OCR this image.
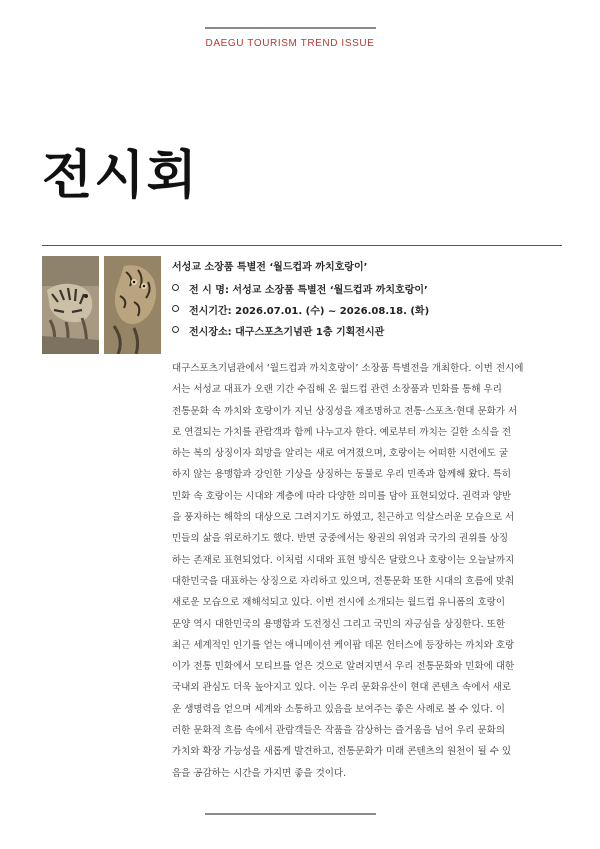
DAEGU TOURISM TREND ISSUE
전시회
서성교 소장품 특별전 ‘월드컵과 까치호랑이’
전 시 명: 서성교 소장품 특별전 ‘월드컵과 까치호랑이’
전시기간: 2026.07.01. (수) ~ 2026.08.18. (화)
전시장소: 대구스포츠기념관 1층 기획전시관
대구스포츠기념관에서 ‘월드컵과 까치호랑이’ 소장품 특별전을 개최한다. 이번 전시에
서는 서성교 대표가 오랜 기간 수집해 온 월드컵 관련 소장품과 민화를 통해 우리
전통문화 속 까치와 호랑이가 지닌 상징성을 재조명하고 전통·스포츠·현대 문화가 서
로 연결되는 가치를 관람객과 함께 나누고자 한다. 예로부터 까치는 길한 소식을 전
하는 복의 상징이자 희망을 알리는 새로 여겨졌으며, 호랑이는 어떠한 시련에도 굴
하지 않는 용맹함과 강인한 기상을 상징하는 동물로 우리 민족과 함께해 왔다. 특히
민화 속 호랑이는 시대와 계층에 따라 다양한 의미를 담아 표현되었다. 권력과 양반
을 풍자하는 해학의 대상으로 그려지기도 하였고, 친근하고 익살스러운 모습으로 서
민들의 삶을 위로하기도 했다. 반면 궁중에서는 왕권의 위엄과 국가의 권위를 상징
하는 존재로 표현되었다. 이처럼 시대와 표현 방식은 달랐으나 호랑이는 오늘날까지
대한민국을 대표하는 상징으로 자리하고 있으며, 전통문화 또한 시대의 흐름에 맞춰
새로운 모습으로 재해석되고 있다. 이번 전시에 소개되는 월드컵 유니폼의 호랑이
문양 역시 대한민국의 용맹함과 도전정신 그리고 국민의 자긍심을 상징한다. 또한
최근 세계적인 인기를 얻는 애니메이션 케이팝 데몬 헌터스에 등장하는 까치와 호랑
이가 전통 민화에서 모티브를 얻은 것으로 알려지면서 우리 전통문화와 민화에 대한
국내외 관심도 더욱 높아지고 있다. 이는 우리 문화유산이 현대 콘텐츠 속에서 새로
운 생명력을 얻으며 세계와 소통하고 있음을 보여주는 좋은 사례로 볼 수 있다. 이
러한 문화적 흐름 속에서 관람객들은 작품을 감상하는 즐거움을 넘어 우리 문화의
가치와 확장 가능성을 새롭게 발견하고, 전통문화가 미래 콘텐츠의 원천이 될 수 있
음을 공감하는 시간을 가지면 좋을 것이다.
